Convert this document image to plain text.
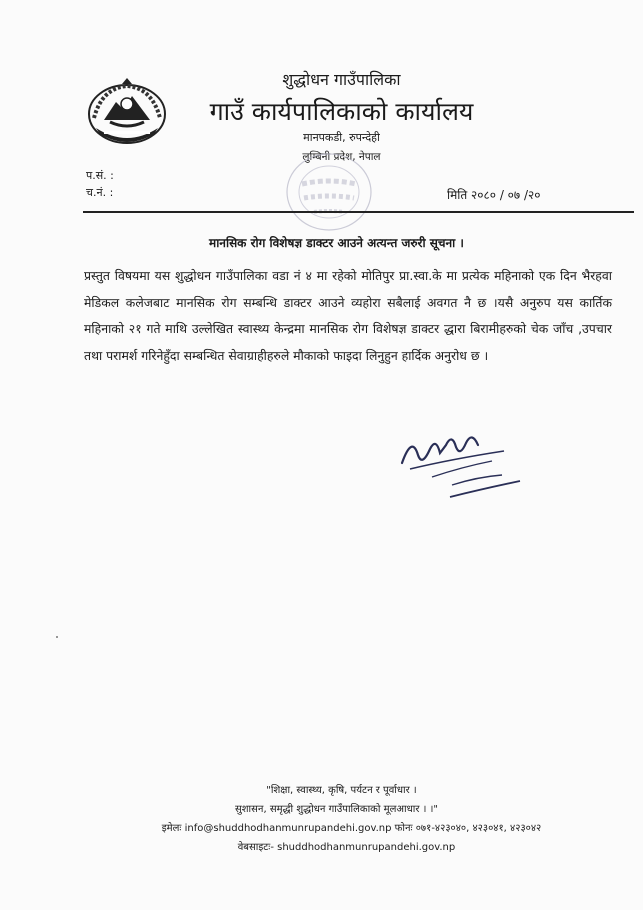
शुद्धोधन गाउँपालिका
गाउँ कार्यपालिकाको कार्यालय
मानपकडी, रुपन्देही
लुम्बिनी प्रदेश, नेपाल
प.सं. :
च.नं. :	मिति २०८० / ०७ /२०
मानसिक रोग विशेषज्ञ डाक्टर आउने अत्यन्त जरुरी सूचना ।
प्रस्तुत विषयमा यस शुद्धोधन गाउँपालिका वडा नं ४ मा रहेको मोतिपुर प्रा.स्वा.के मा प्रत्येक महिनाको एक दिन भैरहवा मेडिकल कलेजबाट मानसिक रोग सम्बन्धि डाक्टर आउने व्यहोरा सबैलाई अवगत नै छ ।यसै अनुरुप यस कार्तिक महिनाको २१ गते माथि उल्लेखित स्वास्थ्य केन्द्रमा मानसिक रोग विशेषज्ञ डाक्टर द्धारा बिरामीहरुको चेक जाँच ,उपचार तथा परामर्श गरिनेहुँदा सम्बन्धित सेवाग्राहीहरुले मौकाको फाइदा लिनुहुन हार्दिक अनुरोध छ ।
"शिक्षा, स्वास्थ्य, कृषि, पर्यटन र पूर्वाधार ।
सुशासन, समृद्धी शुद्धोधन गाउँपालिकाको मूलआधार । ।"
इमेलः info@shuddhodhanmunrupandehi.gov.np फोनः ०७१-४२३०४०, ४२३०४१, ४२३०४२
वेबसाइटः- shuddhodhanmunrupandehi.gov.np
